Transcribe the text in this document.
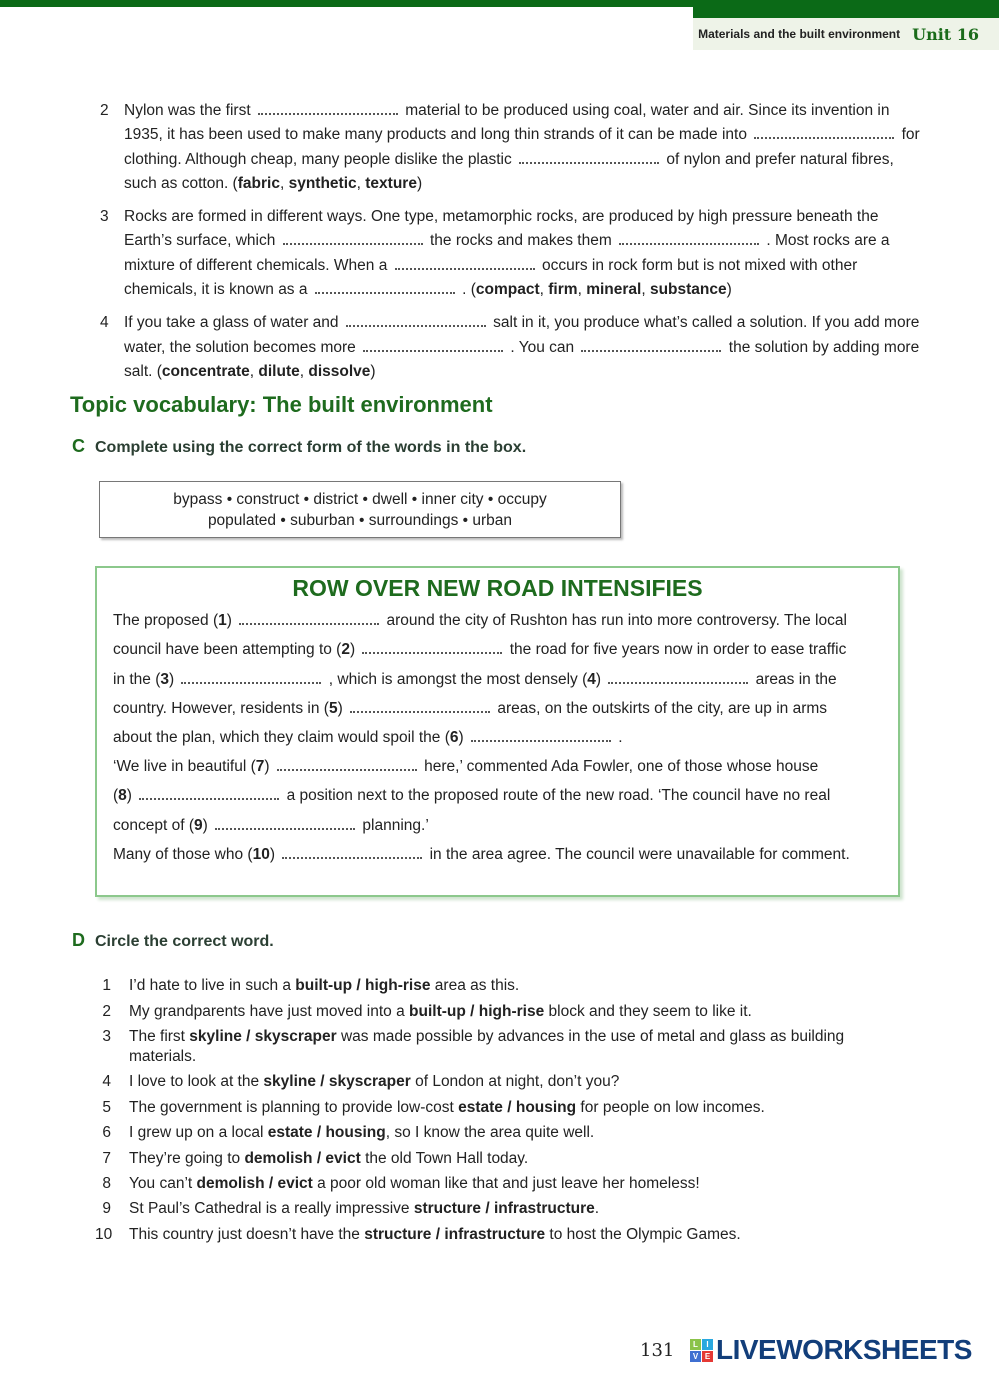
Materials and the built environment Unit 16
2 Nylon was the first	material to be produced using coal, water and air. Since its invention in 1935, it has been used to make many products and long thin strands of it can be made into	for clothing. Although cheap, many people dislike the plastic	of nylon and prefer natural fibres, such as cotton. (fabric, synthetic, texture)
3 Rocks are formed in different ways. One type, metamorphic rocks, are produced by high pressure beneath the Earth’s surface, which	the rocks and makes them	. Most rocks are a mixture of different chemicals. When a	occurs in rock form but is not mixed with other chemicals, it is known as a	. (compact, firm, mineral, substance)
4 If you take a glass of water and	salt in it, you produce what’s called a solution. If you add more water, the solution becomes more	. You can	the solution by adding more salt. (concentrate, dilute, dissolve)
Topic vocabulary: The built environment
C Complete using the correct form of the words in the box.
bypass • construct • district • dwell • inner city • occupy
populated • suburban • surroundings • urban
ROW OVER NEW ROAD INTENSIFIES
The proposed (1)	around the city of Rushton has run into more controversy. The local
council have been attempting to (2)	the road for five years now in order to ease traffic
in the (3)	, which is amongst the most densely (4)	areas in the
country. However, residents in (5)	areas, on the outskirts of the city, are up in arms
about the plan, which they claim would spoil the (6)	.
‘We live in beautiful (7)	here,’ commented Ada Fowler, one of those whose house
(8)	a position next to the proposed route of the new road. ‘The council have no real
concept of (9)	planning.’
Many of those who (10)	in the area agree. The council were unavailable for comment.
D Circle the correct word.
1 I’d hate to live in such a built-up / high-rise area as this.
2 My grandparents have just moved into a built-up / high-rise block and they seem to like it.
3 The first skyline / skyscraper was made possible by advances in the use of metal and glass as building materials.
4 I love to look at the skyline / skyscraper of London at night, don’t you?
5 The government is planning to provide low-cost estate / housing for people on low incomes.
6 I grew up on a local estate / housing, so I know the area quite well.
7 They’re going to demolish / evict the old Town Hall today.
8 You can’t demolish / evict a poor old woman like that and just leave her homeless!
9 St Paul’s Cathedral is a really impressive structure / infrastructure.
10 This country just doesn’t have the structure / infrastructure to host the Olympic Games.
L	I
V E LIVEWORKSHEETS
131
